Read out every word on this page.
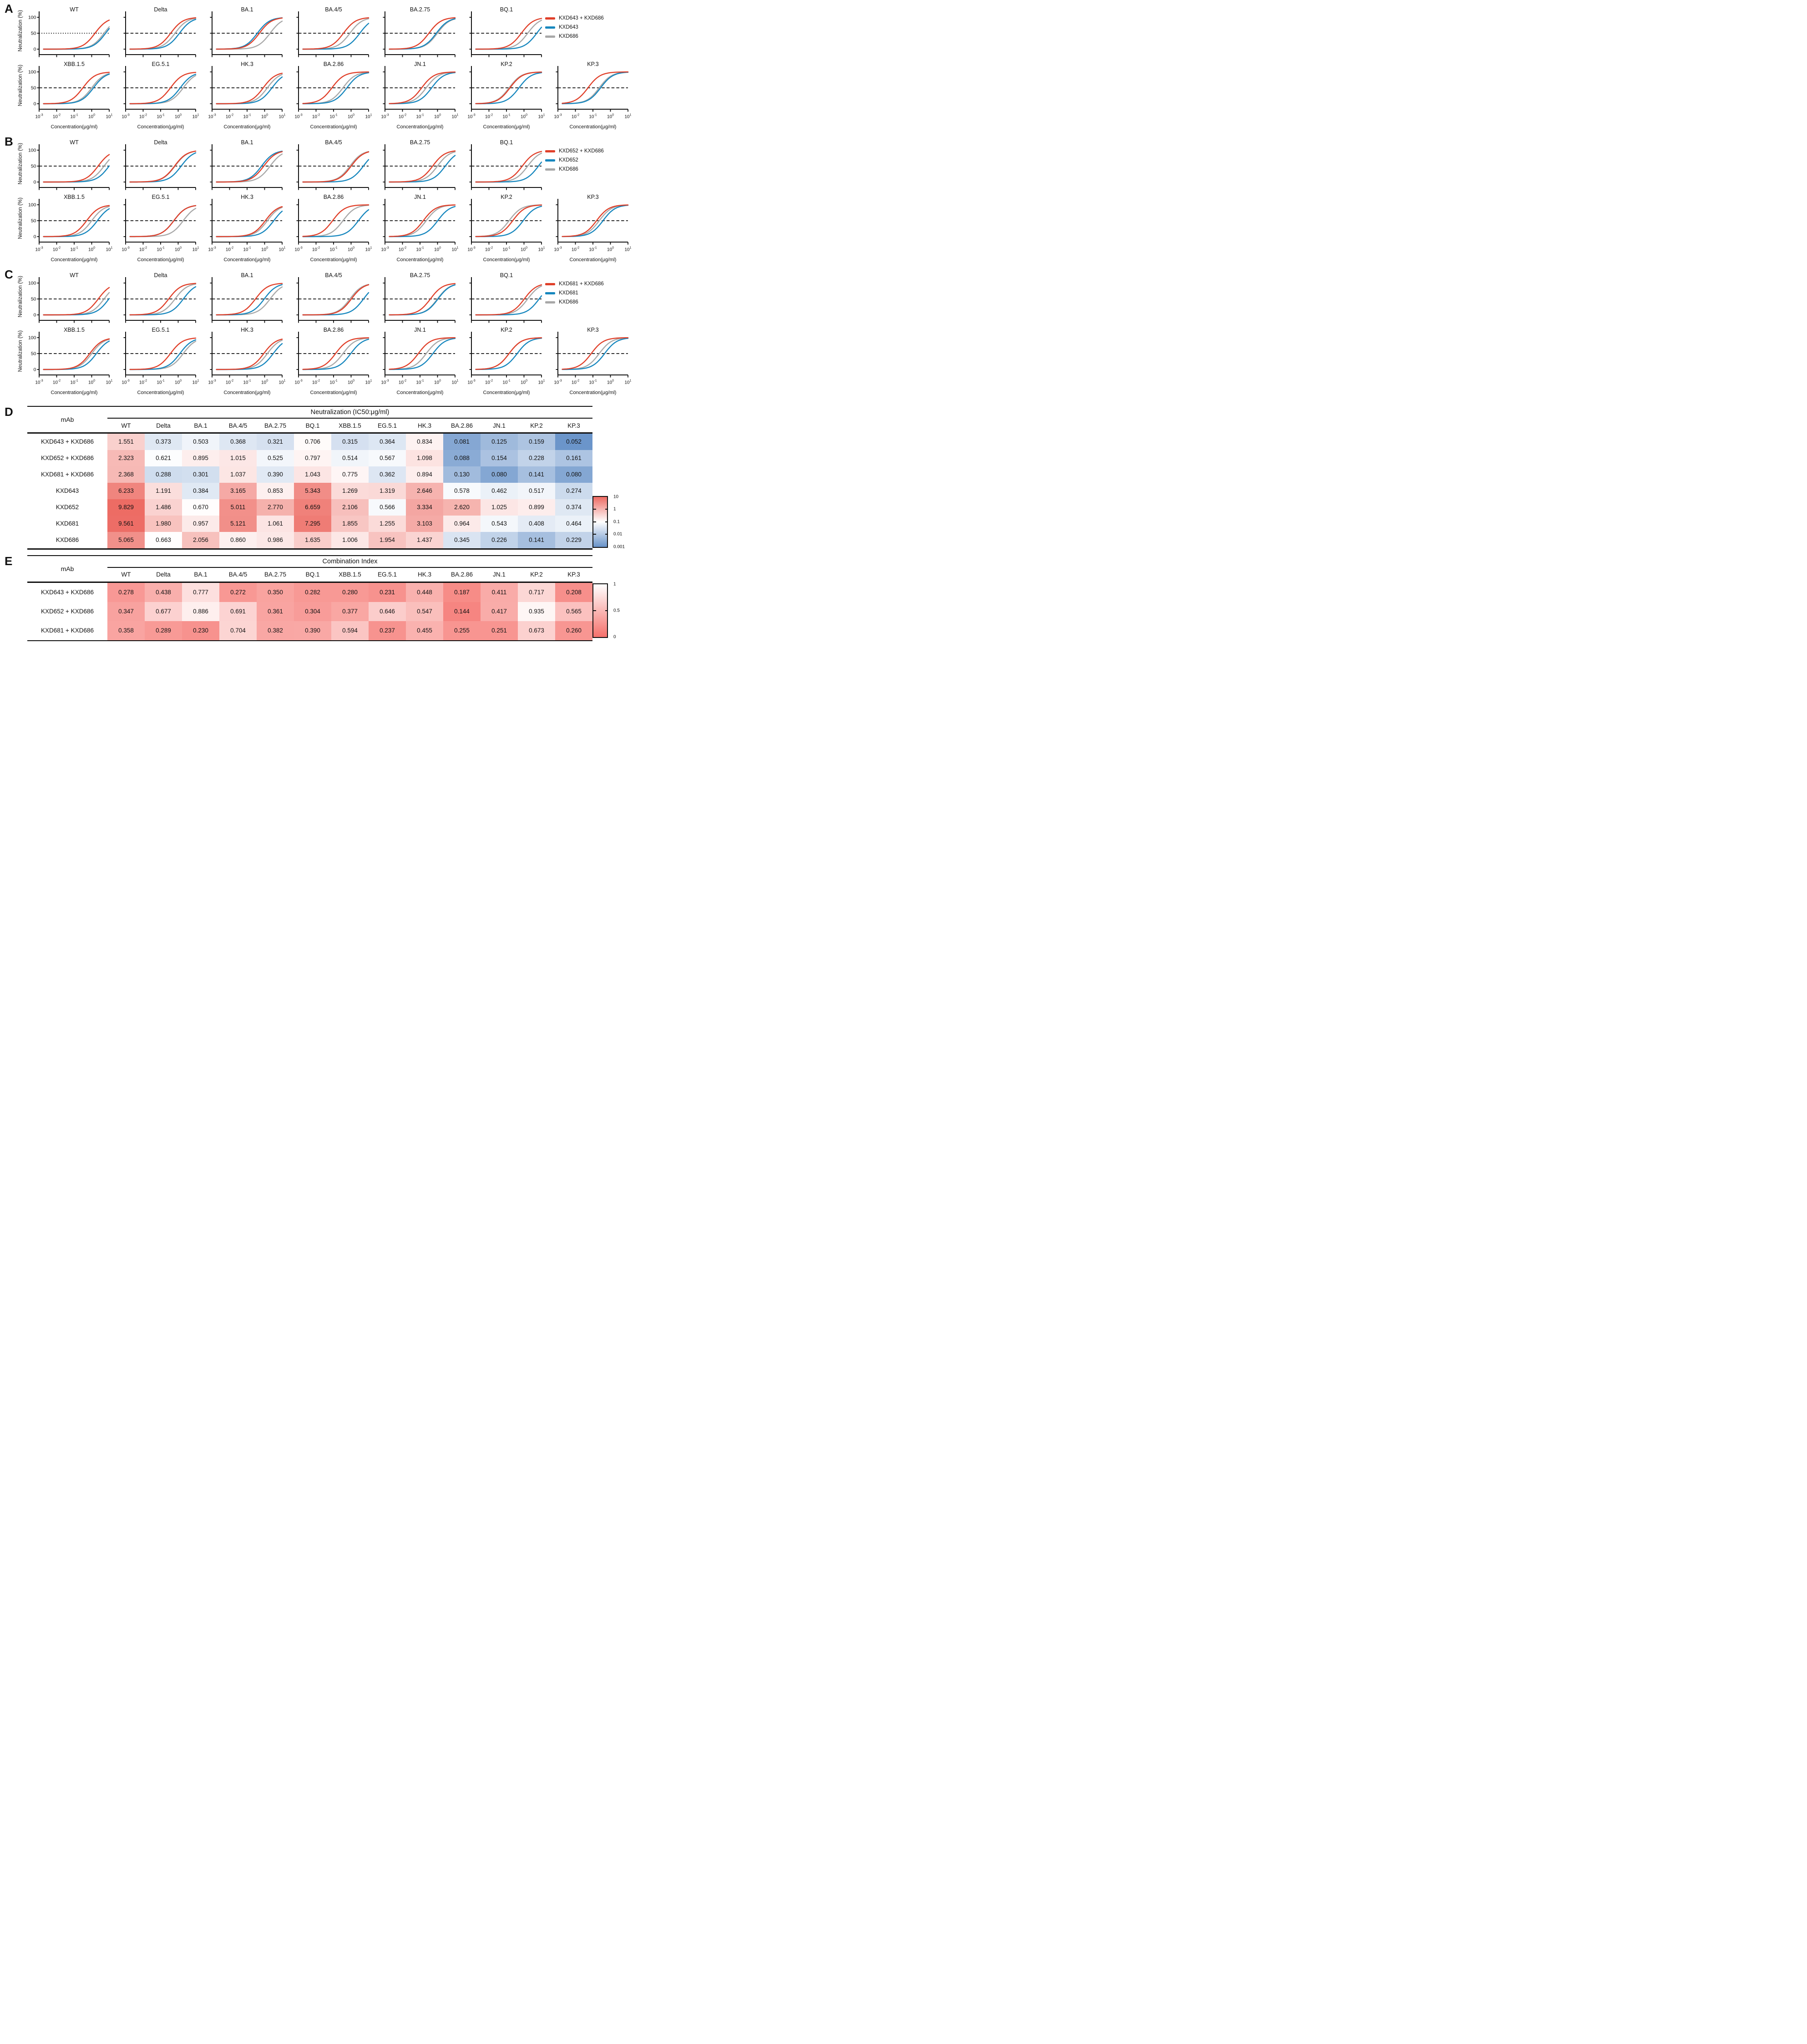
A
Neutralization (%) 0
50
100
WT	Delta	BA.1	BA.4/5	BA.2.75	BQ.1
KXD643 + KXD686
KXD643
KXD686
Neutralization (%) 0
50
100
$10^{-3}$ $10^{-2}$ $10^{-1}$ $10^0$ $10^1$
XBB.1.5
Concentration(μg/ml)
$10^{-3}$ $10^{-2}$ $10^{-1}$ $10^0$ $10^1$
EG.5.1
Concentration(μg/ml)
$10^{-3}$ $10^{-2}$ $10^{-1}$ $10^0$ $10^1$
HK.3
Concentration(μg/ml)
$10^{-3}$ $10^{-2}$ $10^{-1}$ $10^0$ $10^1$
BA.2.86
Concentration(μg/ml)
$10^{-3}$ $10^{-2}$ $10^{-1}$ $10^0$ $10^1$
JN.1
Concentration(μg/ml)
$10^{-3}$ $10^{-2}$ $10^{-1}$ $10^0$ $10^1$
KP.2
Concentration(μg/ml)
$10^{-3}$ $10^{-2}$ $10^{-1}$ $10^0$ $10^1$
KP.3
Concentration(μg/ml)
B
Neutralization (%) 0
50
100
WT	Delta	BA.1	BA.4/5	BA.2.75	BQ.1
KXD652 + KXD686
KXD652
KXD686
Neutralization (%) 0
50
100
$10^{-3}$ $10^{-2}$ $10^{-1}$ $10^0$ $10^1$
XBB.1.5
Concentration(μg/ml)
$10^{-3}$ $10^{-2}$ $10^{-1}$ $10^0$ $10^1$
EG.5.1
Concentration(μg/ml)
$10^{-3}$ $10^{-2}$ $10^{-1}$ $10^0$ $10^1$
HK.3
Concentration(μg/ml)
$10^{-3}$ $10^{-2}$ $10^{-1}$ $10^0$ $10^1$
BA.2.86
Concentration(μg/ml)
$10^{-3}$ $10^{-2}$ $10^{-1}$ $10^0$ $10^1$
JN.1
Concentration(μg/ml)
$10^{-3}$ $10^{-2}$ $10^{-1}$ $10^0$ $10^1$
KP.2
Concentration(μg/ml)
$10^{-3}$ $10^{-2}$ $10^{-1}$ $10^0$ $10^1$
KP.3
Concentration(μg/ml)
C
Neutralization (%) 0
50
100
WT	Delta	BA.1	BA.4/5	BA.2.75	BQ.1
KXD681 + KXD686
KXD681
KXD686
Neutralization (%) 0
50
100
$10^{-3}$ $10^{-2}$ $10^{-1}$ $10^0$ $10^1$
XBB.1.5
Concentration(μg/ml)
$10^{-3}$ $10^{-2}$ $10^{-1}$ $10^0$ $10^1$
EG.5.1
Concentration(μg/ml)
$10^{-3}$ $10^{-2}$ $10^{-1}$ $10^0$ $10^1$
HK.3
Concentration(μg/ml)
$10^{-3}$ $10^{-2}$ $10^{-1}$ $10^0$ $10^1$
BA.2.86
Concentration(μg/ml)
$10^{-3}$ $10^{-2}$ $10^{-1}$ $10^0$ $10^1$
JN.1
Concentration(μg/ml)
$10^{-3}$ $10^{-2}$ $10^{-1}$ $10^0$ $10^1$
KP.2
Concentration(μg/ml)
$10^{-3}$ $10^{-2}$ $10^{-1}$ $10^0$ $10^1$
KP.3
Concentration(μg/ml)
D
mAb
Neutralization (IC50:μg/ml)
WT	Delta	BA.1	BA.4/5	BA.2.75	BQ.1	XBB.1.5	EG.5.1	HK.3	BA.2.86	JN.1	KP.2	KP.3
KXD643 + KXD686	1.551	0.373	0.503	0.368	0.321	0.706	0.315	0.364	0.834	0.081	0.125	0.159	0.052
KXD652 + KXD686	2.323	0.621	0.895	1.015	0.525	0.797	0.514	0.567	1.098	0.088	0.154	0.228	0.161
KXD681 + KXD686	2.368	0.288	0.301	1.037	0.390	1.043	0.775	0.362	0.894	0.130	0.080	0.141	0.080
KXD643	6.233	1.191	0.384	3.165	0.853	5.343	1.269	1.319	2.646	0.578	0.462	0.517	0.274
KXD652	9.829	1.486	0.670	5.011	2.770	6.659	2.106	0.566	3.334	2.620	1.025	0.899	0.374
KXD681	9.561	1.980	0.957	5.121	1.061	7.295	1.855	1.255	3.103	0.964	0.543	0.408	0.464
KXD686	5.065	0.663	2.056	0.860	0.986	1.635	1.006	1.954	1.437	0.345	0.226	0.141	0.229
10
1
0.1
0.01
0.001
E
mAb
Combination Index
WT	Delta	BA.1	BA.4/5	BA.2.75	BQ.1	XBB.1.5	EG.5.1	HK.3	BA.2.86	JN.1	KP.2	KP.3
KXD643 + KXD686	0.278	0.438	0.777	0.272	0.350	0.282	0.280	0.231	0.448	0.187	0.411	0.717	0.208
KXD652 + KXD686	0.347	0.677	0.886	0.691	0.361	0.304	0.377	0.646	0.547	0.144	0.417	0.935	0.565
KXD681 + KXD686	0.358	0.289	0.230	0.704	0.382	0.390	0.594	0.237	0.455	0.255	0.251	0.673	0.260
1
0.5
0
